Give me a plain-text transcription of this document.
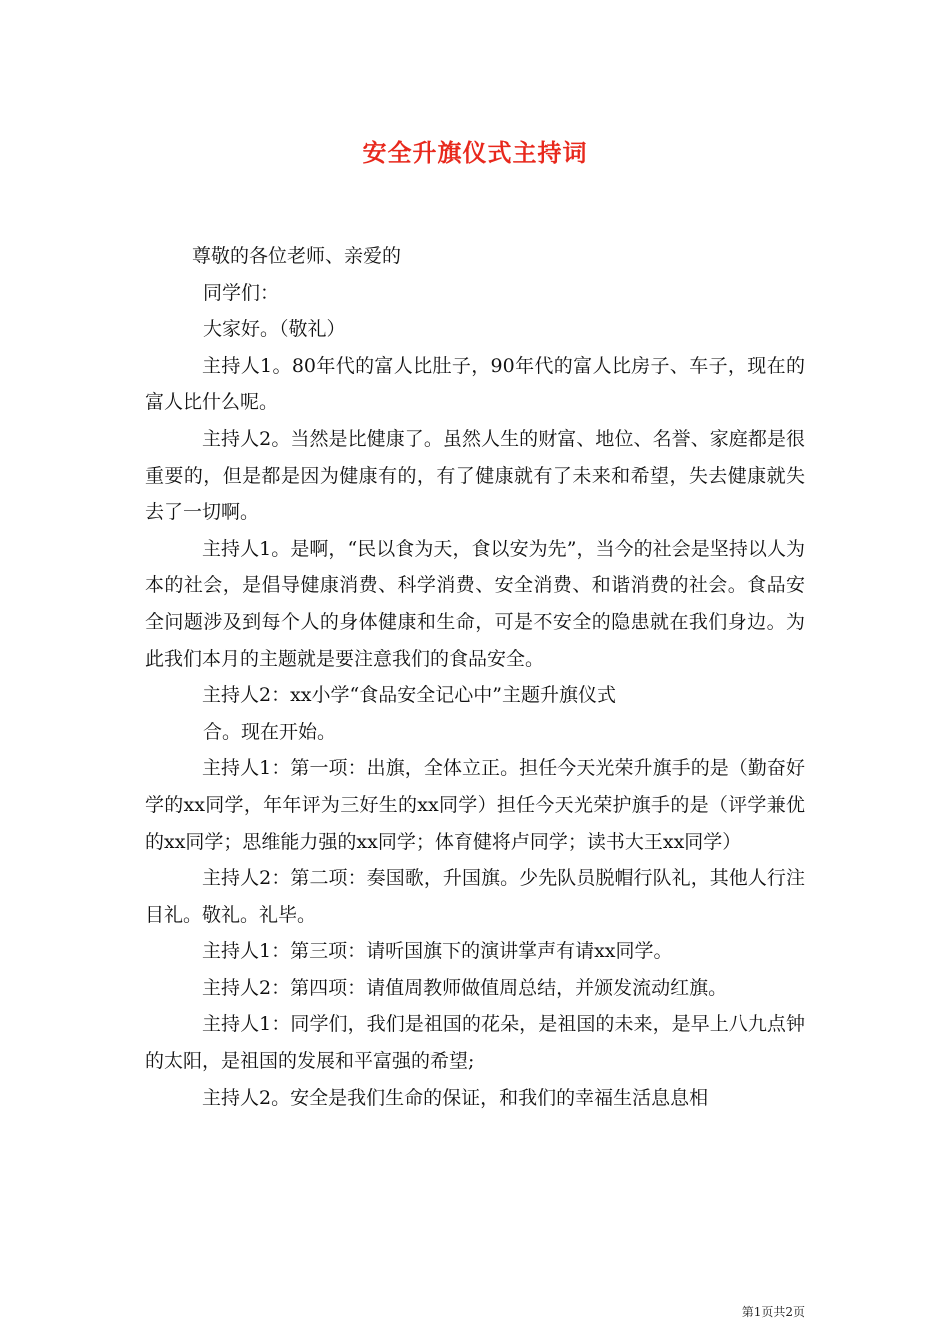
安全升旗仪式主持词

尊敬的各位老师、亲爱的

同学们：

大家好。（敬礼）

主持人1。80年代的富人比肚子，90年代的富人比房子、车子，现在的富人比什么呢。

主持人2。当然是比健康了。虽然人生的财富、地位、名誉、家庭都是很重要的，但是都是因为健康有的，有了健康就有了未来和希望，失去健康就失去了一切啊。

主持人1。是啊，“民以食为天，食以安为先”，当今的社会是坚持以人为本的社会，是倡导健康消费、科学消费、安全消费、和谐消费的社会。食品安全问题涉及到每个人的身体健康和生命，可是不安全的隐患就在我们身边。为此我们本月的主题就是要注意我们的食品安全。

主持人2：xx小学“食品安全记心中”主题升旗仪式

合。现在开始。

主持人1：第一项：出旗，全体立正。担任今天光荣升旗手的是（勤奋好学的xx同学，年年评为三好生的xx同学）担任今天光荣护旗手的是（评学兼优的xx同学；思维能力强的xx同学；体育健将卢同学；读书大王xx同学）

主持人2：第二项：奏国歌，升国旗。少先队员脱帽行队礼，其他人行注目礼。敬礼。礼毕。

主持人1：第三项：请听国旗下的演讲掌声有请xx同学。

主持人2：第四项：请值周教师做值周总结，并颁发流动红旗。

主持人1：同学们，我们是祖国的花朵，是祖国的未来，是早上八九点钟的太阳，是祖国的发展和平富强的希望;

主持人2。安全是我们生命的保证，和我们的幸福生活息息相

第1页共2页
